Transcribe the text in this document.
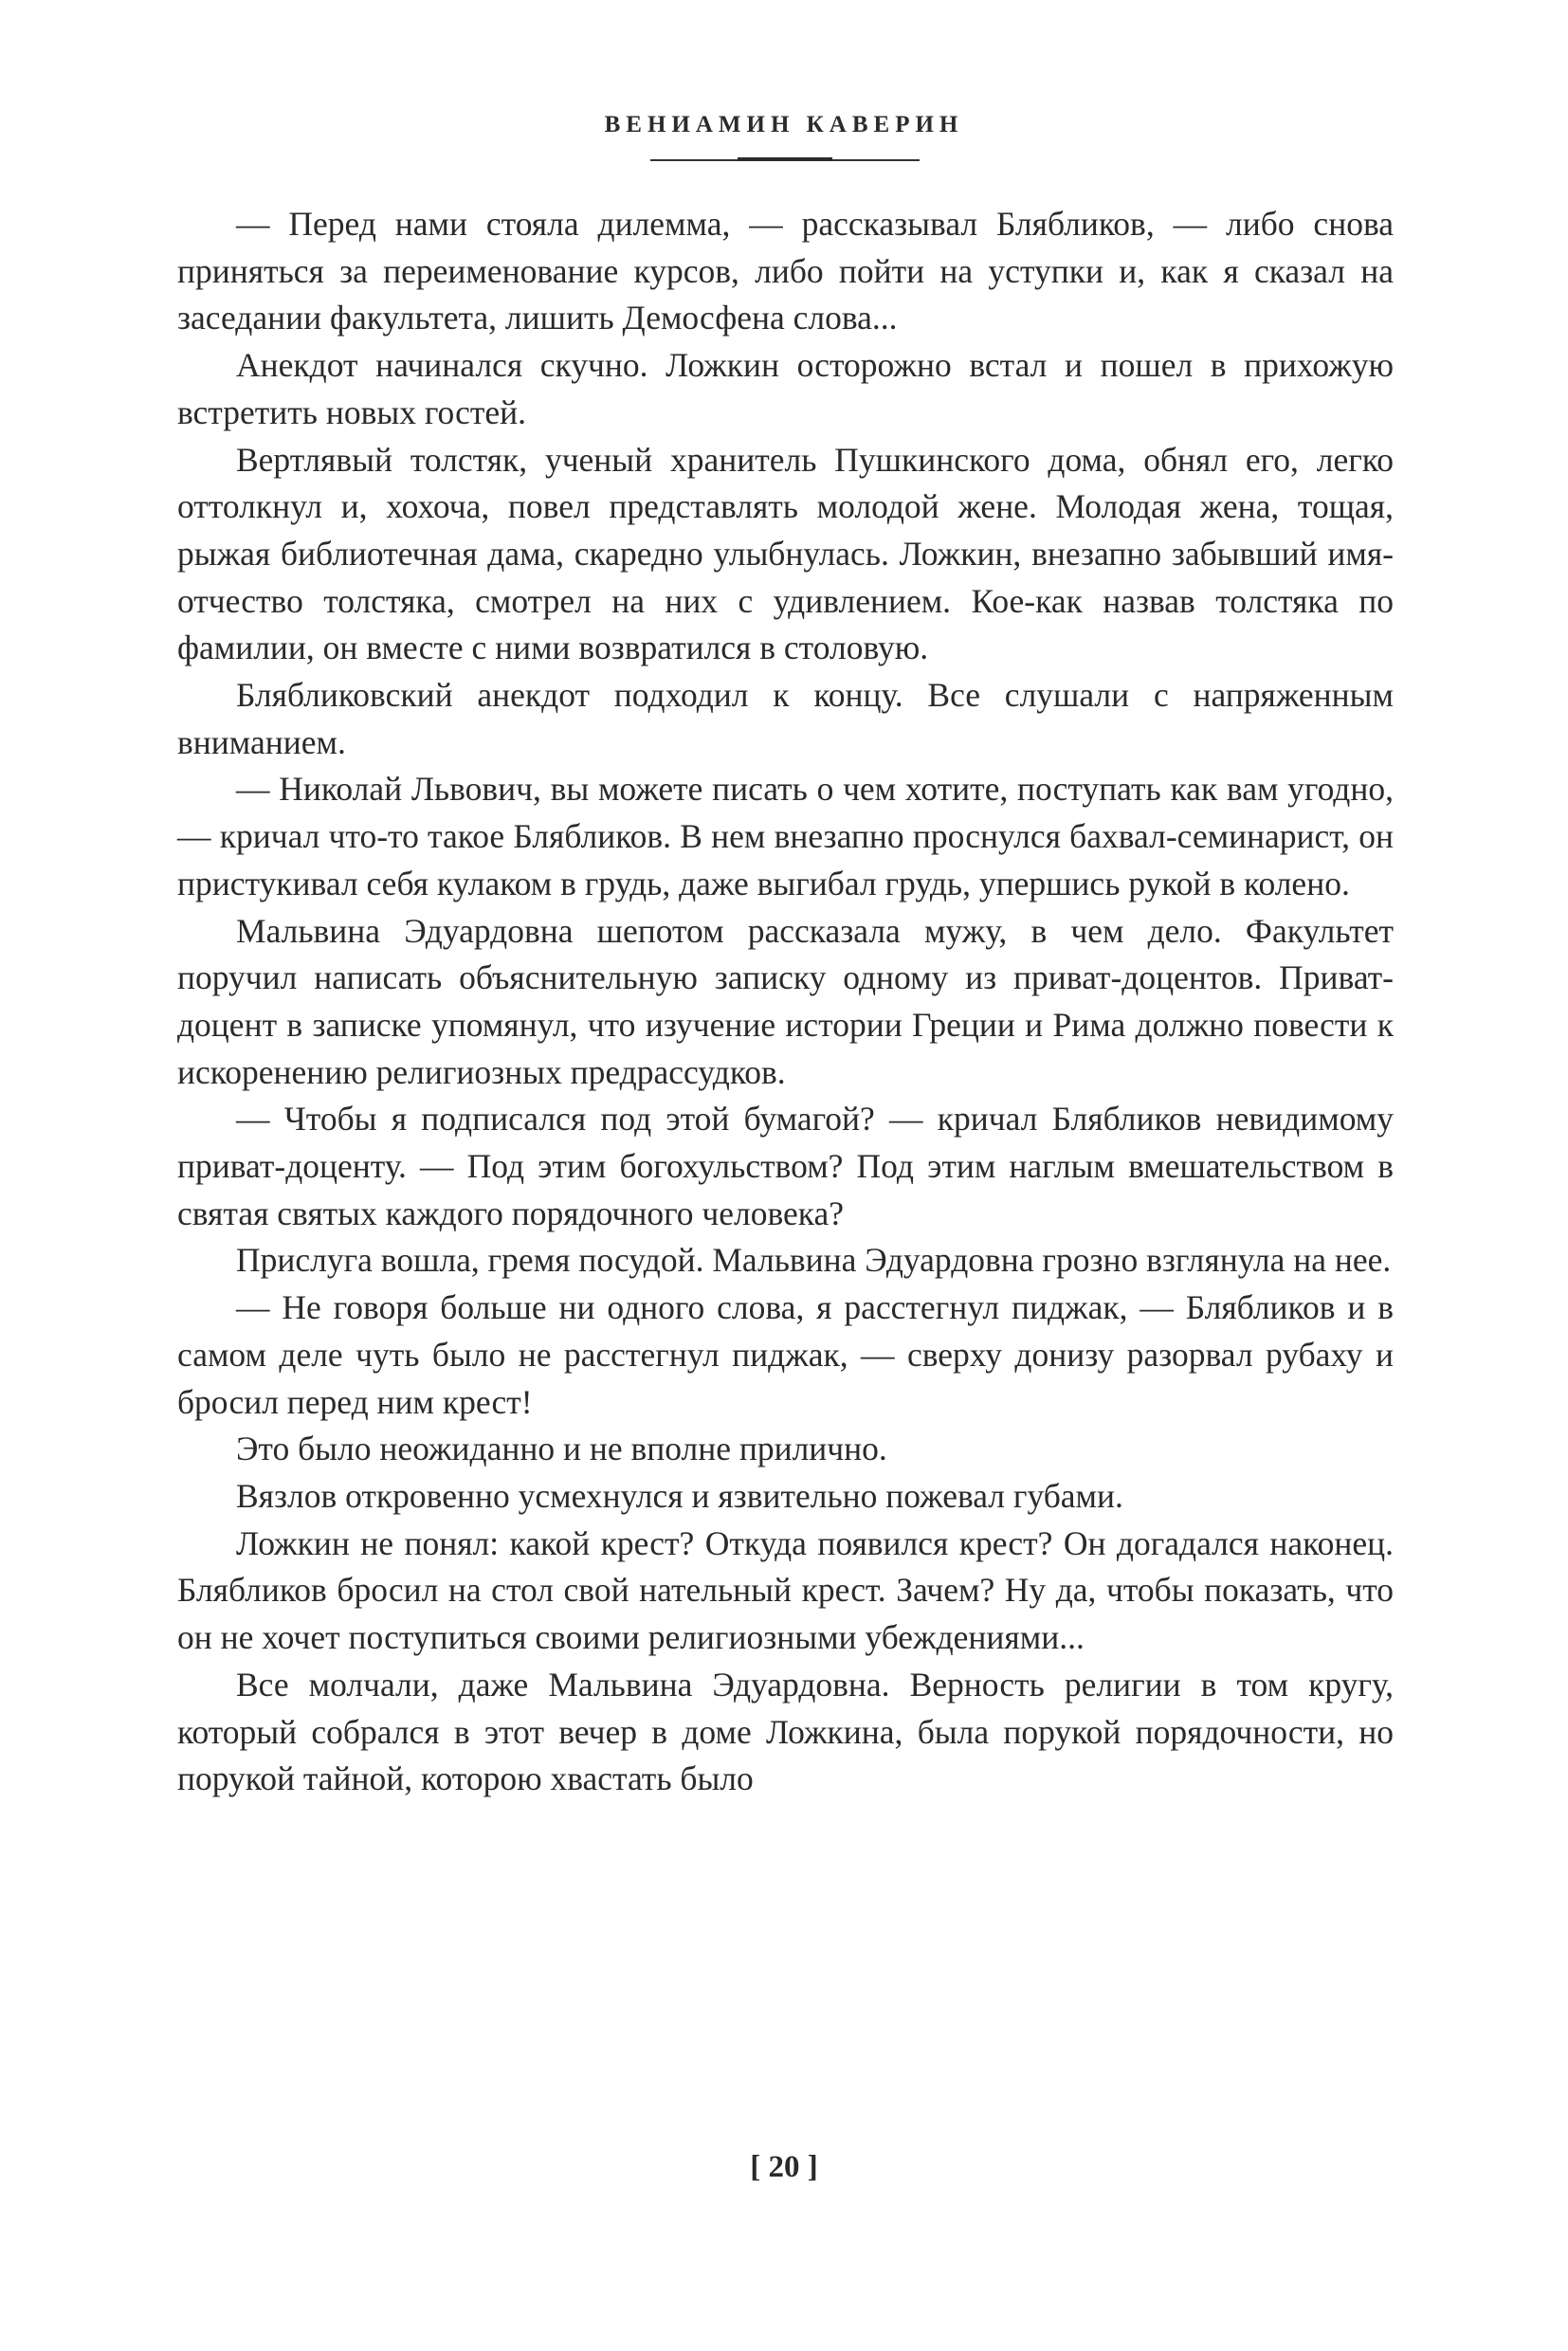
ВЕНИАМИН КАВЕРИН

— Перед нами стояла дилемма, — рассказывал Блябликов, — либо снова приняться за переименование курсов, либо пойти на уступки и, как я сказал на заседании факультета, лишить Демосфена слова...

Анекдот начинался скучно. Ложкин осторожно встал и пошел в прихожую встретить новых гостей.

Вертлявый толстяк, ученый хранитель Пушкинского дома, обнял его, легко оттолкнул и, хохоча, повел представлять молодой жене. Молодая жена, тощая, рыжая библиотечная дама, скаредно улыбнулась. Ложкин, внезапно забывший имя-отчество толстяка, смотрел на них с удивлением. Кое-как назвав толстяка по фамилии, он вместе с ними возвратился в столовую.

Блябликовский анекдот подходил к концу. Все слушали с напряженным вниманием.

— Николай Львович, вы можете писать о чем хотите, поступать как вам угодно, — кричал что-то такое Блябликов. В нем внезапно проснулся бахвал-семинарист, он пристукивал себя кулаком в грудь, даже выгибал грудь, упершись рукой в колено.

Мальвина Эдуардовна шепотом рассказала мужу, в чем дело. Факультет поручил написать объяснительную записку одному из приват-доцентов. Приват-доцент в записке упомянул, что изучение истории Греции и Рима должно повести к искоренению религиозных предрассудков.

— Чтобы я подписался под этой бумагой? — кричал Блябликов невидимому приват-доценту. — Под этим богохульством? Под этим наглым вмешательством в святая святых каждого порядочного человека?

Прислуга вошла, гремя посудой. Мальвина Эдуардовна грозно взглянула на нее.

— Не говоря больше ни одного слова, я расстегнул пиджак, — Блябликов и в самом деле чуть было не расстегнул пиджак, — сверху донизу разорвал рубаху и бросил перед ним крест!

Это было неожиданно и не вполне прилично.

Вязлов откровенно усмехнулся и язвительно пожевал губами.

Ложкин не понял: какой крест? Откуда появился крест? Он догадался наконец. Блябликов бросил на стол свой нательный крест. Зачем? Ну да, чтобы показать, что он не хочет поступиться своими религиозными убеждениями...

Все молчали, даже Мальвина Эдуардовна. Верность религии в том кругу, который собрался в этот вечер в доме Ложкина, была порукой порядочности, но порукой тайной, которою хвастать было

[ 20 ]
